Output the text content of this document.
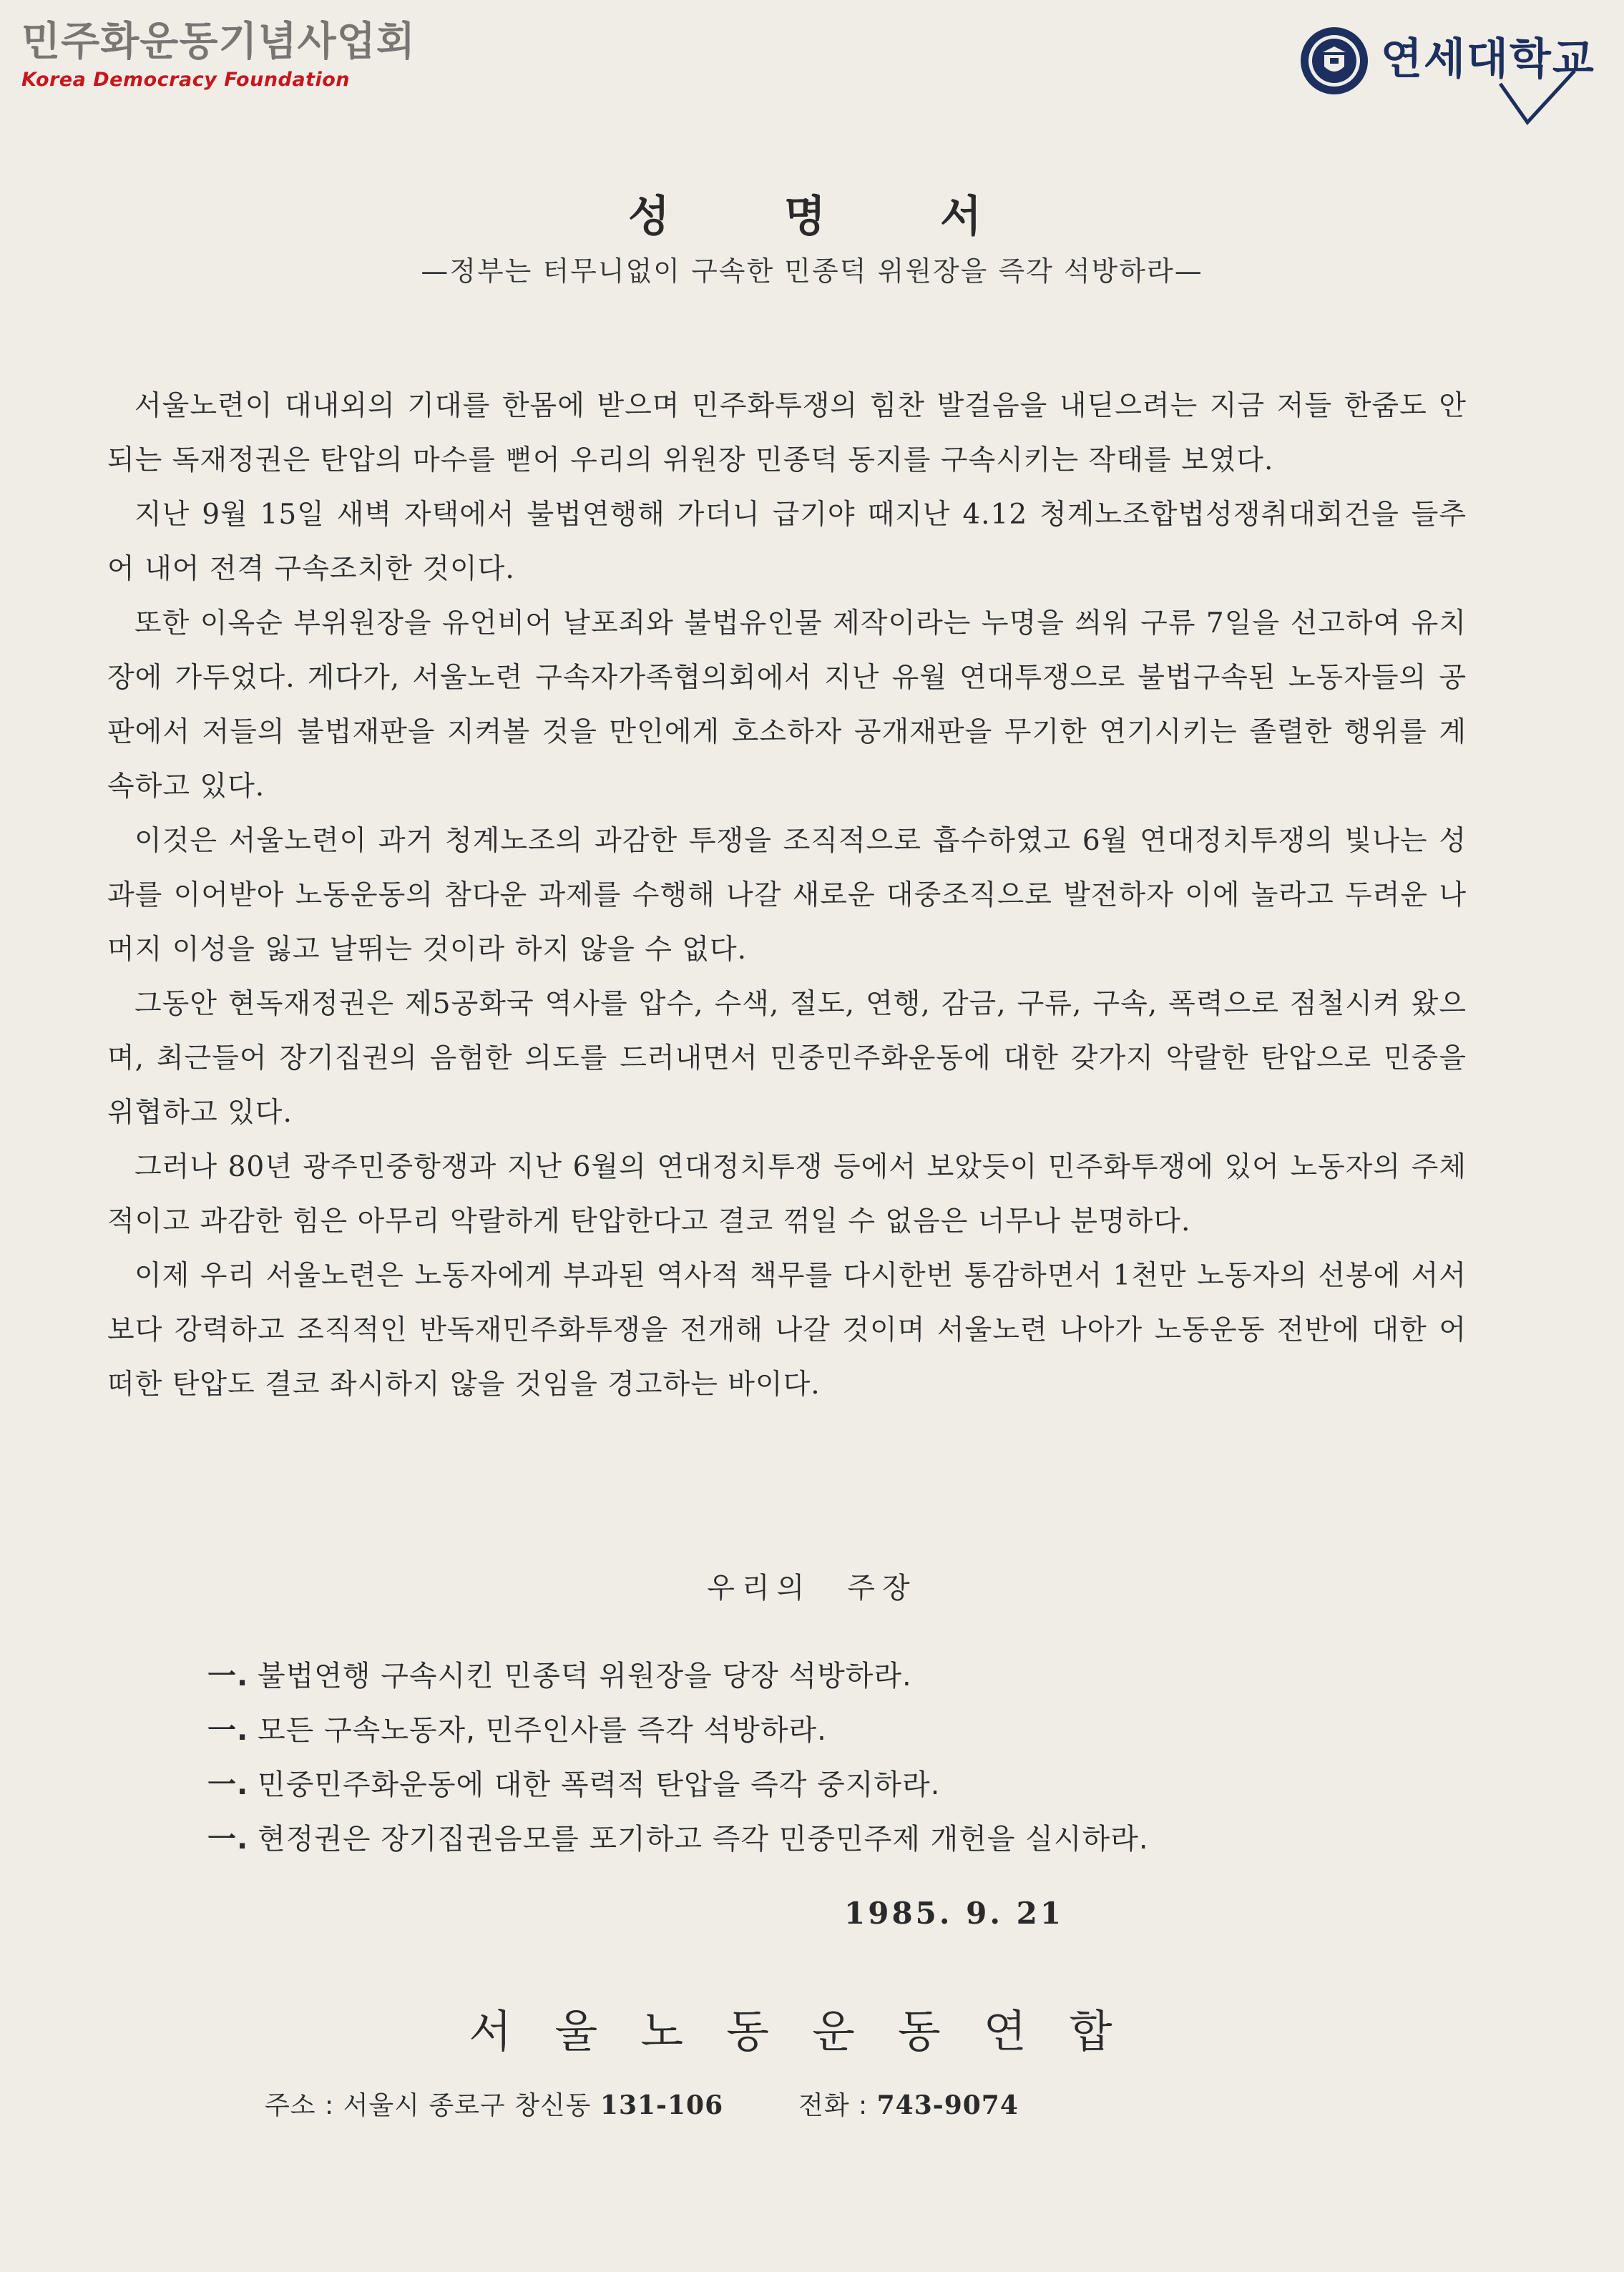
민주화운동기념사업회
Korea Democracy Foundation	연세대학교
성 명 서
—정부는 터무니없이 구속한 민종덕 위원장을 즉각 석방하라—

서울노련이 대내외의 기대를 한몸에 받으며 민주화투쟁의 힘찬 발걸음을 내딛으려는 지금 저들 한줌도 안되는 독재정권은 탄압의 마수를 뻗어 우리의 위원장 민종덕 동지를 구속시키는 작태를 보였다.

지난 9월 15일 새벽 자택에서 불법연행해 가더니 급기야 때지난 4.12 청계노조합법성쟁취대회건을 들추어 내어 전격 구속조치한 것이다.

또한 이옥순 부위원장을 유언비어 날포죄와 불법유인물 제작이라는 누명을 씌워 구류 7일을 선고하여 유치장에 가두었다. 게다가, 서울노련 구속자가족협의회에서 지난 유월 연대투쟁으로 불법구속된 노동자들의 공판에서 저들의 불법재판을 지켜볼 것을 만인에게 호소하자 공개재판을 무기한 연기시키는 졸렬한 행위를 계속하고 있다.

이것은 서울노련이 과거 청계노조의 과감한 투쟁을 조직적으로 흡수하였고 6월 연대정치투쟁의 빛나는 성과를 이어받아 노동운동의 참다운 과제를 수행해 나갈 새로운 대중조직으로 발전하자 이에 놀라고 두려운 나머지 이성을 잃고 날뛰는 것이라 하지 않을 수 없다.

그동안 현독재정권은 제5공화국 역사를 압수, 수색, 절도, 연행, 감금, 구류, 구속, 폭력으로 점철시켜 왔으며, 최근들어 장기집권의 음험한 의도를 드러내면서 민중민주화운동에 대한 갖가지 악랄한 탄압으로 민중을 위협하고 있다.

그러나 80년 광주민중항쟁과 지난 6월의 연대정치투쟁 등에서 보았듯이 민주화투쟁에 있어 노동자의 주체적이고 과감한 힘은 아무리 악랄하게 탄압한다고 결코 꺾일 수 없음은 너무나 분명하다.

이제 우리 서울노련은 노동자에게 부과된 역사적 책무를 다시한번 통감하면서 1천만 노동자의 선봉에 서서 보다 강력하고 조직적인 반독재민주화투쟁을 전개해 나갈 것이며 서울노련 나아가 노동운동 전반에 대한 어떠한 탄압도 결코 좌시하지 않을 것임을 경고하는 바이다.

우리의 주장
一. 불법연행 구속시킨 민종덕 위원장을 당장 석방하라.
一. 모든 구속노동자, 민주인사를 즉각 석방하라.
一. 민중민주화운동에 대한 폭력적 탄압을 즉각 중지하라.
一. 현정권은 장기집권음모를 포기하고 즉각 민중민주제 개헌을 실시하라.
1985. 9. 21
서울노동운동연합
주소 : 서울시 종로구 창신동 131-106	전화 : 743-9074
